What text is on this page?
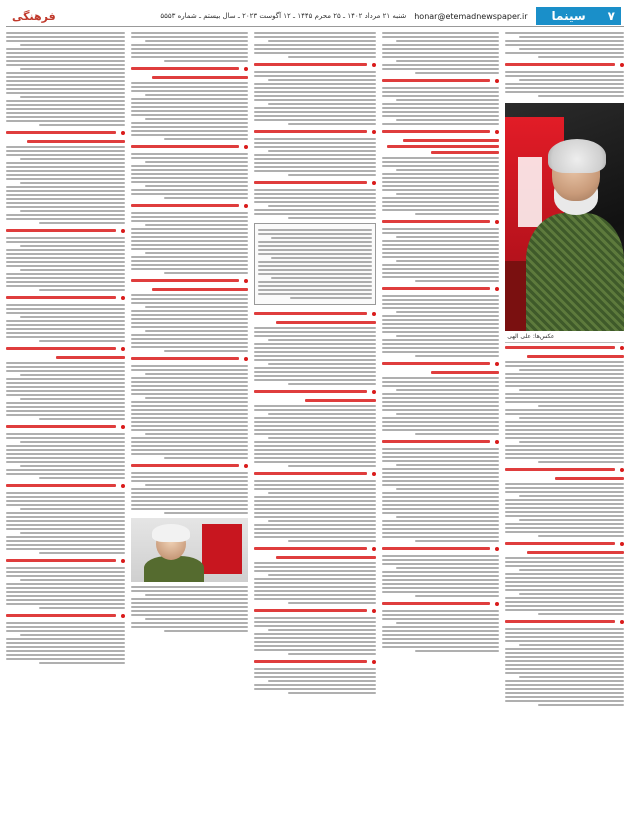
۷
سینما
honar@etemadnewspaper.ir
شنبه ۲۱ مرداد ۱۴۰۲ ـ ۲۵ محرم ۱۴۴۵ ـ ۱۲ آگوست ۲۰۲۳ ـ سال بیستم ـ شماره ۵۵۵۳
فرهنگی
عکس‌ها: علی الهی
